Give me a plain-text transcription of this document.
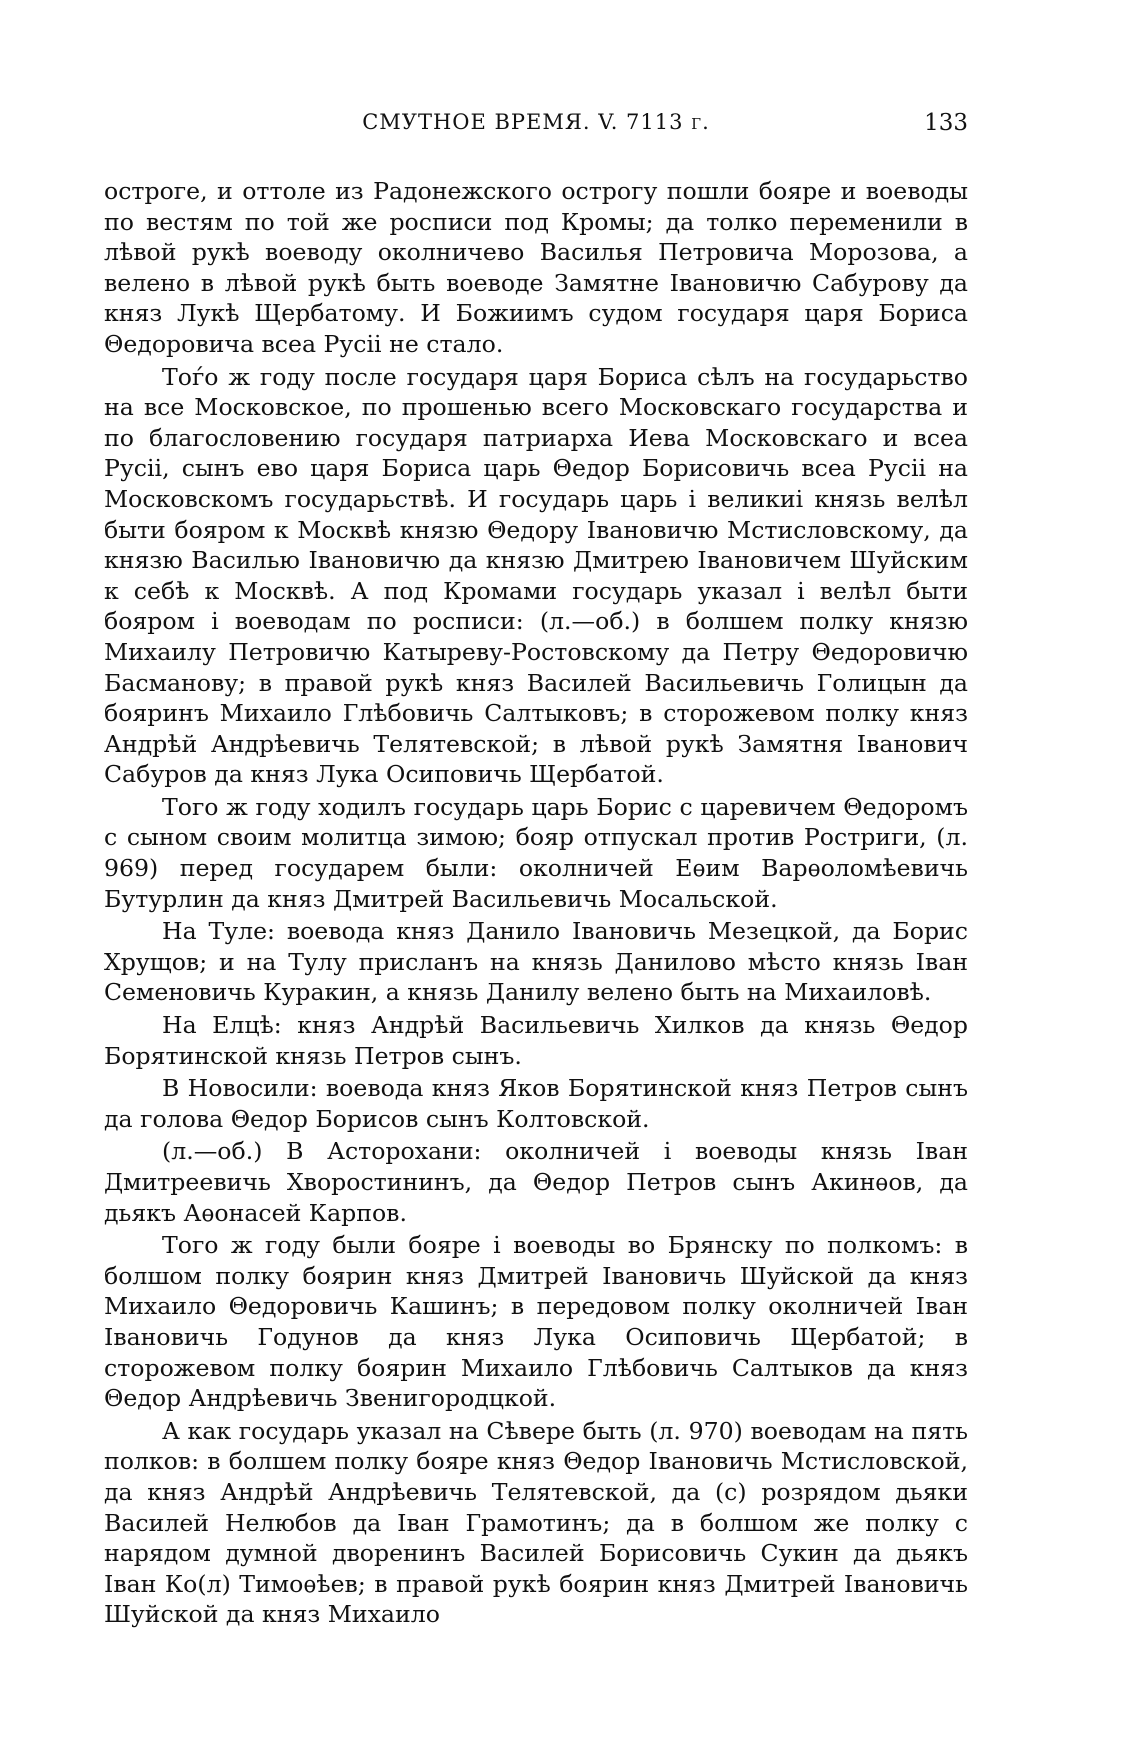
СМУТНОЕ ВРЕМЯ. V. 7113 г.	133

остроге, и оттоле из Радонежского острогу пошли бояре и воеводы по вестям по той же росписи под Кромы; да толко переменили в лѣвой рукѣ воеводу околничево Василья Петровича Морозова, а велено в лѣвой рукѣ быть воеводе Замятне Івановичю Сабурову да княз Лукѣ Щербатому. И Божиимъ судом государя царя Бориса Θедоровича всеа Русіі не стало.

Тоѓо ж году после государя царя Бориса сѣлъ на государьство на все Московское, по прошенью всего Московскаго государства и по благословению государя патриарха Иева Московскаго и всеа Русіі, сынъ ево царя Бориса царь Θедор Борисовичь всеа Русіі на Московскомъ государьствѣ. И государь царь і великиі князь велѣл быти бояром к Москвѣ князю Θедору Івановичю Мстисловскому, да князю Василью Івановичю да князю Дмитрею Івановичем Шуйским к себѣ к Москвѣ. А под Кромами государь указал і велѣл быти бояром і воеводам по росписи: (л.—об.) в болшем полку князю Михаилу Петровичю Катыреву-Ростовскому да Петру Θедоровичю Басманову; в правой рукѣ княз Василей Васильевичь Голицын да бояринъ Михаило Глѣбовичь Салтыковъ; в сторожевом полку княз Андрѣй Андрѣевичь Телятевской; в лѣвой рукѣ Замятня Іванович Сабуров да княз Лука Осиповичь Щербатой.

Того ж году ходилъ государь царь Борис с царевичем Θедоромъ с сыном своим молитца зимою; бояр отпускал против Ростриги, (л. 969) перед государем были: околничей Еѳим Варѳоломѣевичь Бутурлин да княз Дмитрей Васильевичь Мосальской.

На Туле: воевода княз Данило Івановичь Мезецкой, да Борис Хрущов; и на Тулу присланъ на князь Данилово мѣсто князь Іван Семеновичь Куракин, а князь Данилу велено быть на Михаиловѣ.

На Елцѣ: княз Андрѣй Васильевичь Хилков да князь Θедор Борятинской князь Петров сынъ.

В Новосили: воевода княз Яков Борятинской княз Петров сынъ да голова Θедор Борисов сынъ Колтовской.

(л.—об.) В Асторохани: околничей і воеводы князь Іван Дмитреевичь Хворостининъ, да Θедор Петров сынъ Акинѳов, да дьякъ Аѳонасей Карпов.

Того ж году были бояре і воеводы во Брянску по полкомъ: в болшом полку боярин княз Дмитрей Івановичь Шуйской да княз Михаило Θедоровичь Кашинъ; в передовом полку околничей Іван Івановичь Годунов да княз Лука Осиповичь Щербатой; в сторожевом полку боярин Михаило Глѣбовичь Салтыков да княз Θедор Андрѣевичь Звенигородцкой.

А как государь указал на Сѣвере быть (л. 970) воеводам на пять полков: в болшем полку бояре княз Θедор Івановичь Мстисловской, да княз Андрѣй Андрѣевичь Телятевской, да (с) розрядом дьяки Василей Нелюбов да Іван Грамотинъ; да в болшом же полку с нарядом думной дворенинъ Василей Борисовичь Сукин да дьякъ Іван Ко(л) Тимоѳѣев; в правой рукѣ боярин княз Дмитрей Івановичь Шуйской да княз Михаило
